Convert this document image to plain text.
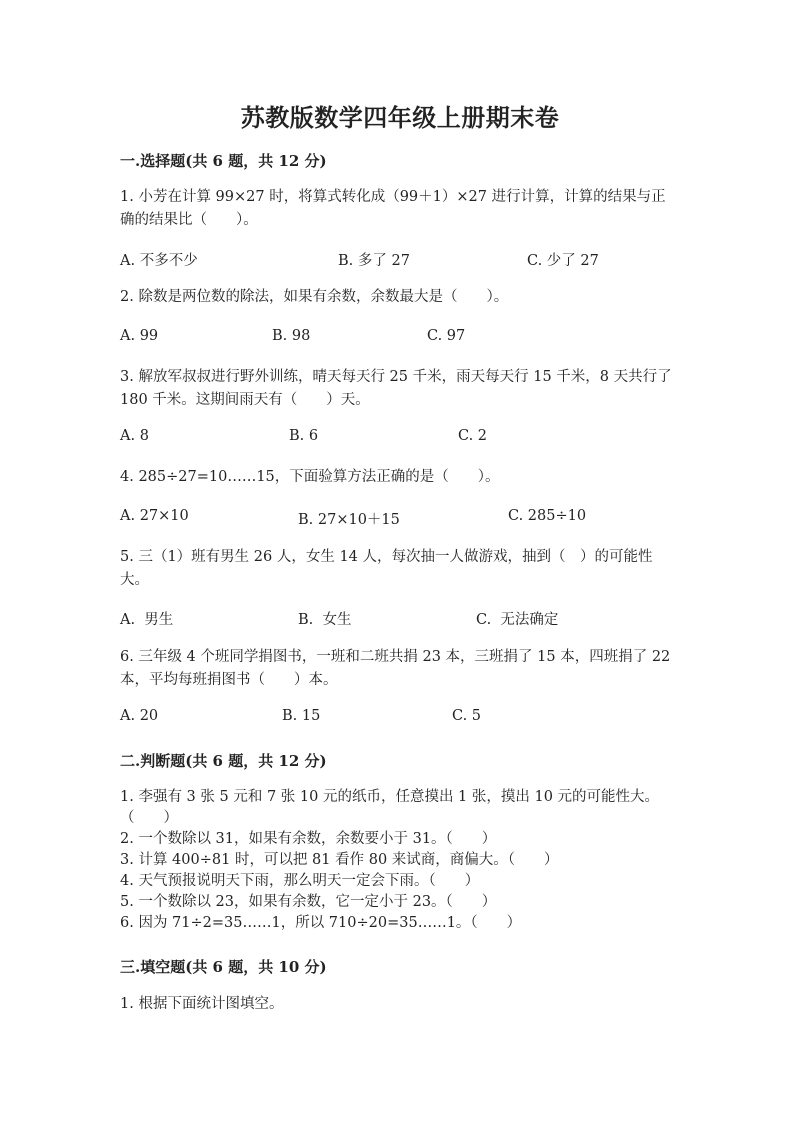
苏教版数学四年级上册期末卷
一.选择题(共 6 题，共 12 分)
1. 小芳在计算 99×27 时，将算式转化成（99＋1）×27 进行计算，计算的结果与正确的结果比（　　）。
A. 不多不少	B. 多了 27	C. 少了 27
2. 除数是两位数的除法，如果有余数，余数最大是（　　）。
A. 99	B. 98	C. 97
3. 解放军叔叔进行野外训练，晴天每天行 25 千米，雨天每天行 15 千米，8 天共行了 180 千米。这期间雨天有（　　）天。
A. 8	B. 6	C. 2
4. 285÷27=10……15，下面验算方法正确的是（　　）。
A. 27×10	B. 27×10＋15	C. 285÷10
5. 三（1）班有男生 26 人，女生 14 人，每次抽一人做游戏，抽到（　）的可能性大。
A.  男生	B.  女生	C.  无法确定
6. 三年级 4 个班同学捐图书，一班和二班共捐 23 本，三班捐了 15 本，四班捐了 22 本，平均每班捐图书（　　）本。
A. 20	B. 15	C. 5
二.判断题(共 6 题，共 12 分)
1. 李强有 3 张 5 元和 7 张 10 元的纸币，任意摸出 1 张，摸出 10 元的可能性大。　　（　　）
2. 一个数除以 31，如果有余数，余数要小于 31。（　　）
3. 计算 400÷81 时，可以把 81 看作 80 来试商，商偏大。（　　）
4. 天气预报说明天下雨，那么明天一定会下雨。（　　）
5. 一个数除以 23，如果有余数，它一定小于 23。（　　）
6. 因为 71÷2=35……1，所以 710÷20=35……1。（　　）
三.填空题(共 6 题，共 10 分)
1. 根据下面统计图填空。
